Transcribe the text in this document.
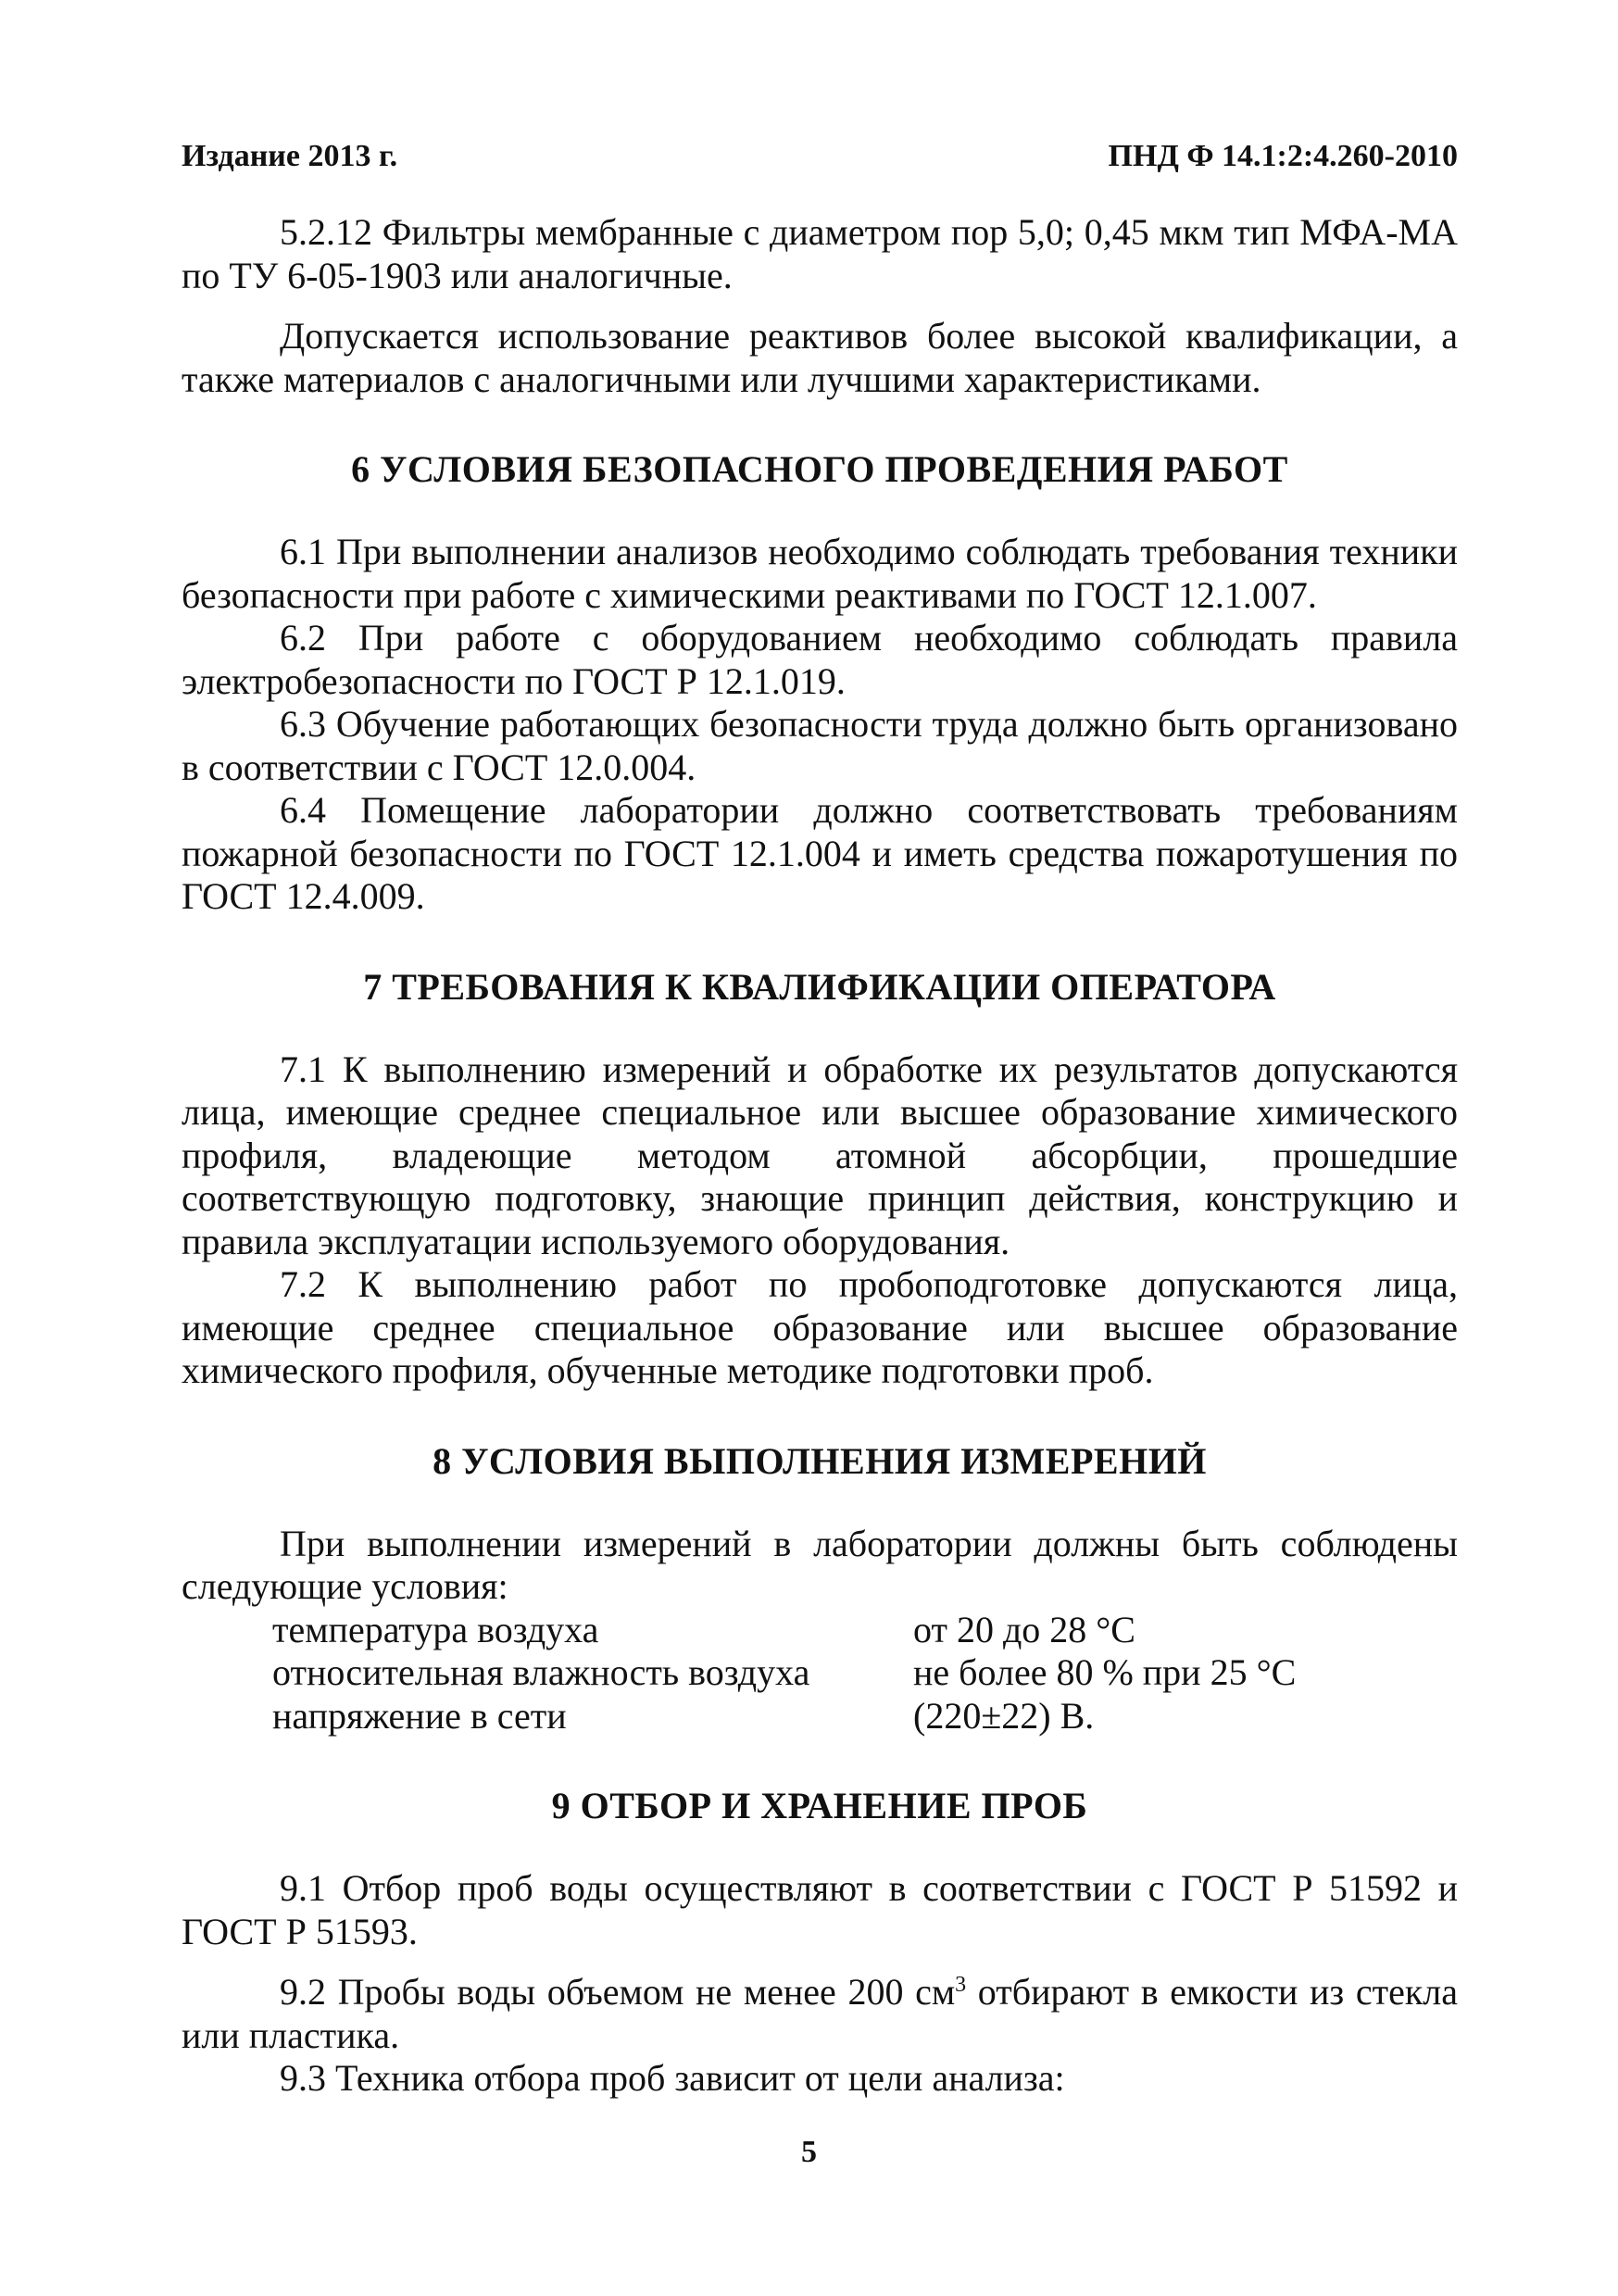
Издание 2013 г.	ПНД Ф 14.1:2:4.260-2010

5.2.12 Фильтры мембранные с диаметром пор 5,0; 0,45 мкм тип МФА-МА по ТУ 6-05-1903 или аналогичные.

Допускается использование реактивов более высокой квалификации, а также материалов с аналогичными или лучшими характеристиками.

6 УСЛОВИЯ БЕЗОПАСНОГО ПРОВЕДЕНИЯ РАБОТ

6.1 При выполнении анализов необходимо соблюдать требования техники безопасности при работе с химическими реактивами по ГОСТ 12.1.007.

6.2 При работе с оборудованием необходимо соблюдать правила электробезопасности по ГОСТ Р 12.1.019.

6.3 Обучение работающих безопасности труда должно быть организовано в соответствии с ГОСТ 12.0.004.

6.4 Помещение лаборатории должно соответствовать требованиям пожарной безопасности по ГОСТ 12.1.004 и иметь средства пожаротушения по ГОСТ 12.4.009.

7 ТРЕБОВАНИЯ К КВАЛИФИКАЦИИ ОПЕРАТОРА

7.1 К выполнению измерений и обработке их результатов допускаются лица, имеющие среднее специальное или высшее образование химического профиля, владеющие методом атомной абсорбции, прошедшие соответствующую подготовку, знающие принцип действия, конструкцию и правила эксплуатации используемого оборудования.

7.2 К выполнению работ по пробоподготовке допускаются лица, имеющие среднее специальное образование или высшее образование химического профиля, обученные методике подготовки проб.

8 УСЛОВИЯ ВЫПОЛНЕНИЯ ИЗМЕРЕНИЙ

При выполнении измерений в лаборатории должны быть соблюдены следующие условия:

температура воздуха	от 20 до 28 °С
относительная влажность воздуха	не более 80 % при 25 °С
напряжение в сети	(220±22) В.
9 ОТБОР И ХРАНЕНИЕ ПРОБ

9.1 Отбор проб воды осуществляют в соответствии с ГОСТ Р 51592 и ГОСТ Р 51593.

9.2 Пробы воды объемом не менее 200 $см^3$ отбирают в емкости из стекла или пластика.

9.3 Техника отбора проб зависит от цели анализа:

5
